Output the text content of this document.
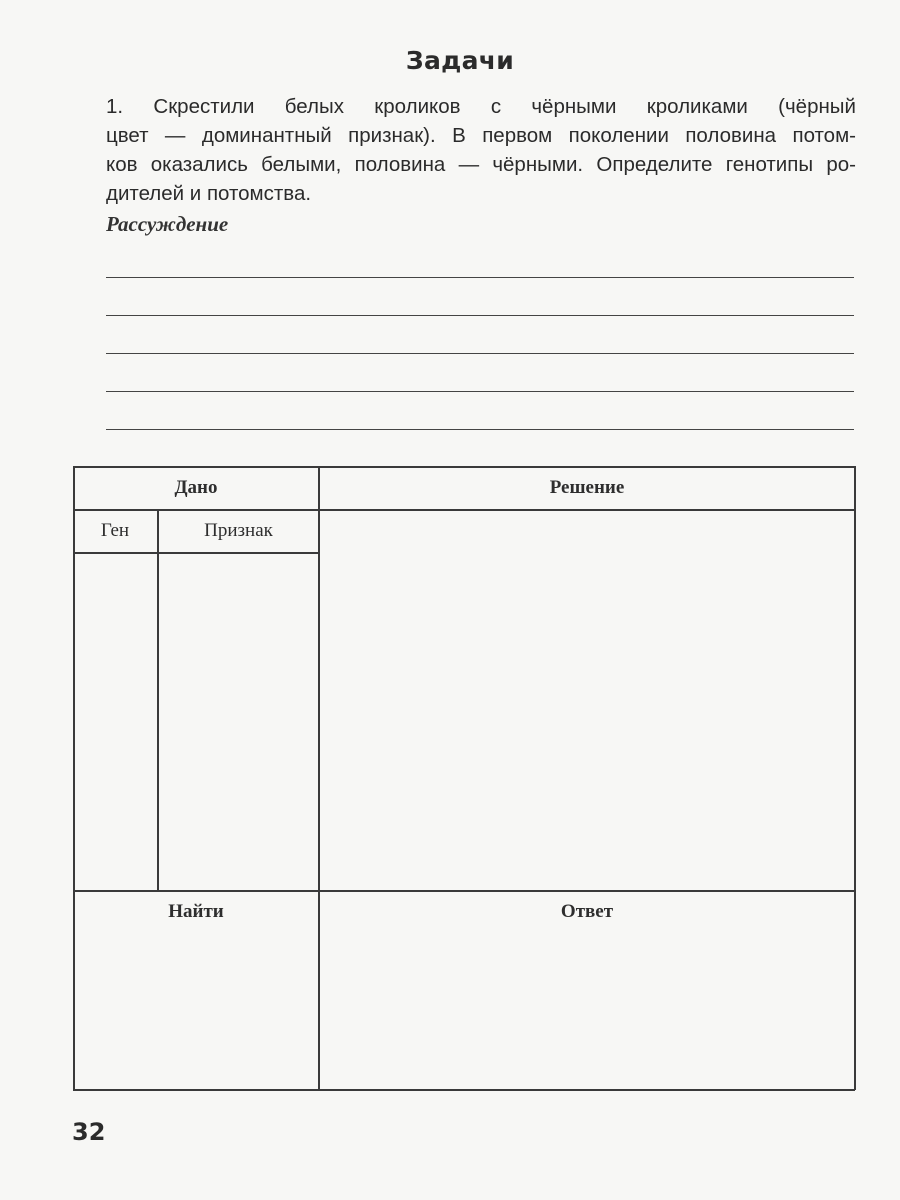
Задачи

1. Скрестили белых кроликов с чёрными кроликами (чёрный

цвет — доминантный признак). В первом поколении половина потом-

ков оказались белыми, половина — чёрными. Определите генотипы ро-

дителей и потомства.

Рассуждение
Дано	Решение
Ген	Признак
Найти	Ответ
32
